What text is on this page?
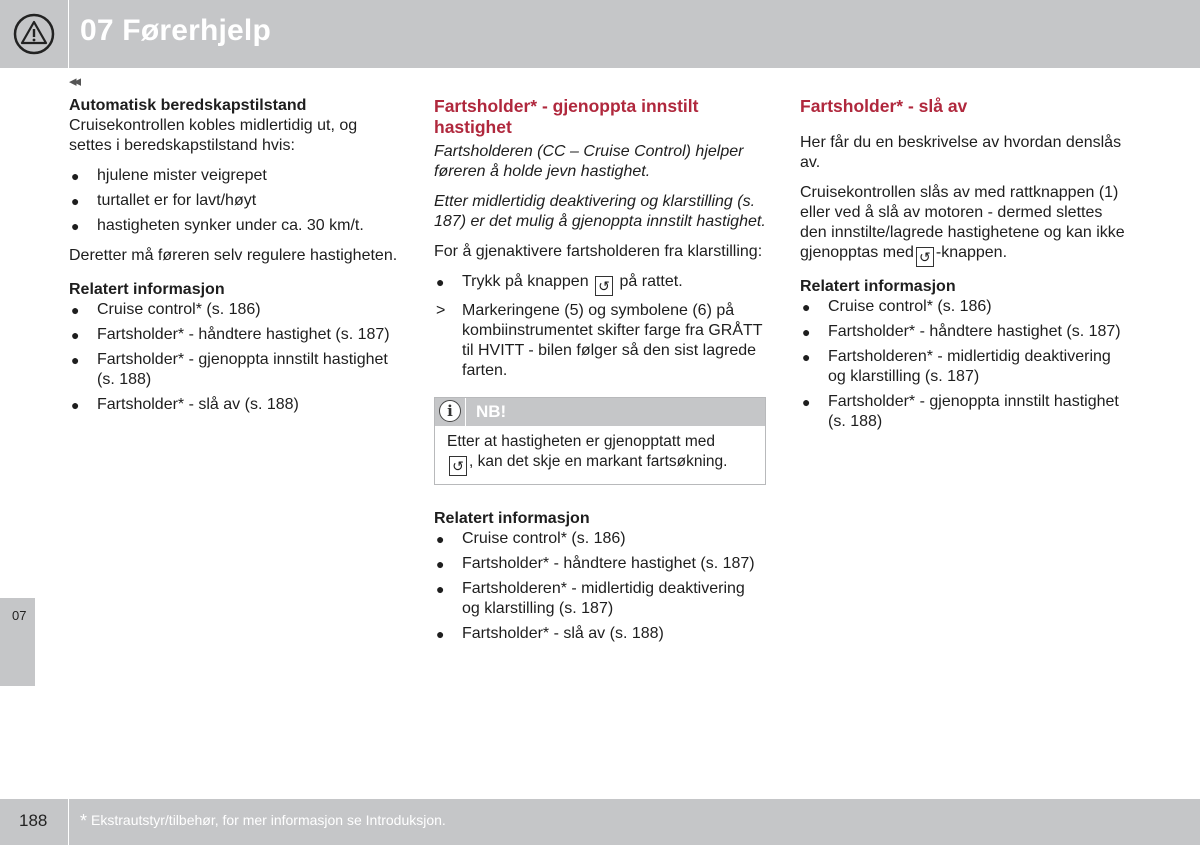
07 Førerhjelp
◂◂
Automatisk beredskapstilstand

Cruisekontrollen kobles midlertidig ut, og settes i beredskapstilstand hvis:

● hjulene mister veigrepet
● turtallet er for lavt/høyt
● hastigheten synker under ca. 30 km/t.

Deretter må føreren selv regulere hastigheten.

Relatert informasjon
● Cruise control* (s. 186)
● Fartsholder* - håndtere hastighet (s. 187)
● Fartsholder* - gjenoppta innstilt hastighet (s. 188)
● Fartsholder* - slå av (s. 188)
Fartsholder* - gjenoppta innstilt hastighet

Fartsholderen (CC – Cruise Control) hjelper føreren å holde jevn hastighet.

Etter midlertidig deaktivering og klarstilling (s. 187) er det mulig å gjenoppta innstilt hastighet.

For å gjenaktivere fartsholderen fra klarstilling:

● Trykk på knappen ↺ på rattet.
> Markeringene (5) og symbolene (6) på kombiinstrumentet skifter farge fra GRÅTT til HVITT - bilen følger så den sist lagrede farten.
i	NB!
Etter at hastigheten er gjenopptatt med
↺ , kan det skje en markant fartsøkning.
Relatert informasjon
● Cruise control* (s. 186)
● Fartsholder* - håndtere hastighet (s. 187)
● Fartsholderen* - midlertidig deaktivering og klarstilling (s. 187)
● Fartsholder* - slå av (s. 188)
Fartsholder* - slå av

Her får du en beskrivelse av hvordan denslås av.

Cruisekontrollen slås av med rattknappen (1) eller ved å slå av motoren - dermed slettes den innstilte/lagrede hastighetene og kan ikke gjenopptas med ↺ -knappen.

Relatert informasjon
● Cruise control* (s. 186)
● Fartsholder* - håndtere hastighet (s. 187)
● Fartsholderen* - midlertidig deaktivering og klarstilling (s. 187)
● Fartsholder* - gjenoppta innstilt hastighet (s. 188)
07
188 * Ekstrautstyr/tilbehør, for mer informasjon se Introduksjon.
